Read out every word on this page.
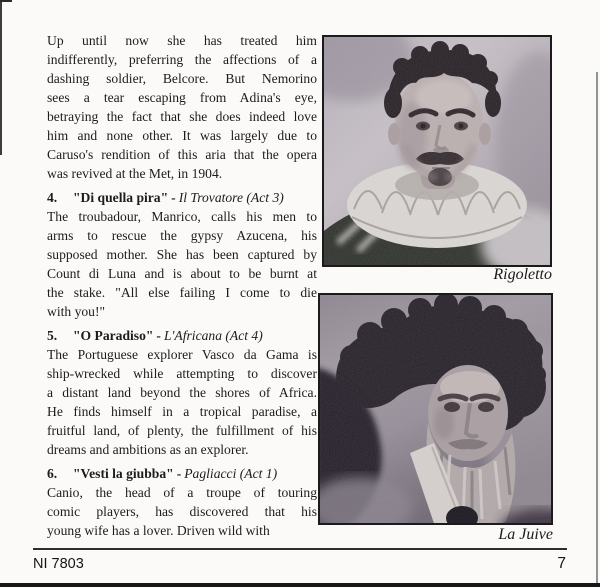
Up until now she has treated him
indifferently, preferring the affections of a
dashing soldier, Belcore. But Nemorino
sees a tear escaping from Adina's eye,
betraying the fact that she does indeed love
him and none other. It was largely due to
Caruso's rendition of this aria that the opera
was revived at the Met, in 1904.
4. "Di quella pira" - Il Trovatore (Act 3)
The troubadour, Manrico, calls his men to
arms to rescue the gypsy Azucena, his
supposed mother. She has been captured by
Count di Luna and is about to be burnt at
the stake. "All else failing I come to die
with you!"
5. "O Paradiso" - L'Africana (Act 4)
The Portuguese explorer Vasco da Gama is
ship-wrecked while attempting to discover
a distant land beyond the shores of Africa.
He finds himself in a tropical paradise, a
fruitful land, of plenty, the fulfillment of his
dreams and ambitions as an explorer.
6. "Vesti la giubba" - Pagliacci (Act 1)
Canio, the head of a troupe of touring
comic players, has discovered that his
young wife has a lover. Driven wild with
Rigoletto
La Juive
NI 7803	7
